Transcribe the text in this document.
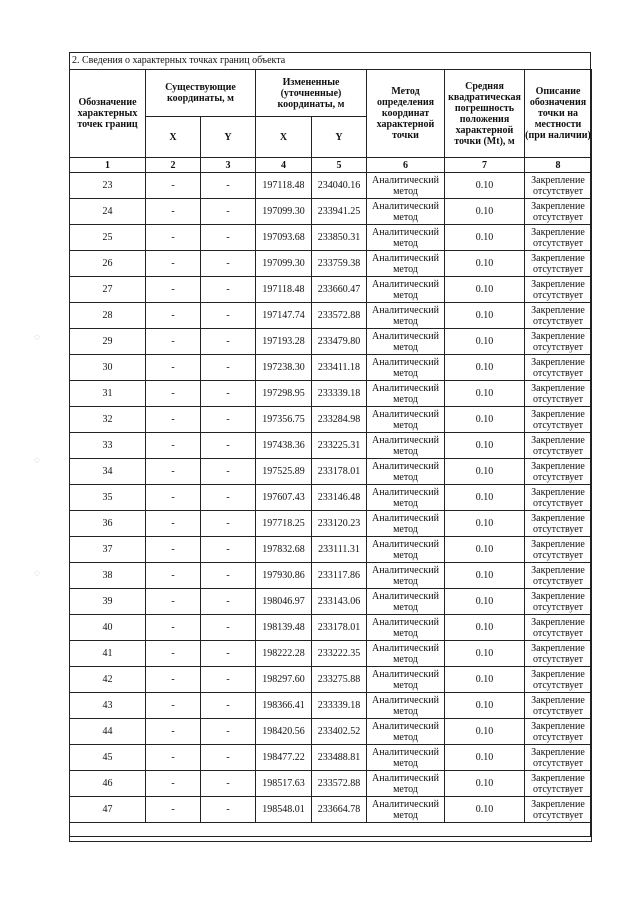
2. Сведения о характерных точках границ объекта
Обозначение характерных точек границ	Существующие координаты, м		Измененные (уточненные) координаты, м		Метод определения координат характерной точки	Средняя квадратическая погрешность положения характерной точки (Mt), м	Описание обозначения точки на местности (при наличии)
	X	Y	X	Y			
1	2	3	4	5	6	7	8
23	-	-	197118.48	234040.16	Аналитический метод	0.10	Закрепление отсутствует
24	-	-	197099.30	233941.25	Аналитический метод	0.10	Закрепление отсутствует
25	-	-	197093.68	233850.31	Аналитический метод	0.10	Закрепление отсутствует
26	-	-	197099.30	233759.38	Аналитический метод	0.10	Закрепление отсутствует
27	-	-	197118.48	233660.47	Аналитический метод	0.10	Закрепление отсутствует
28	-	-	197147.74	233572.88	Аналитический метод	0.10	Закрепление отсутствует
29	-	-	197193.28	233479.80	Аналитический метод	0.10	Закрепление отсутствует
30	-	-	197238.30	233411.18	Аналитический метод	0.10	Закрепление отсутствует
31	-	-	197298.95	233339.18	Аналитический метод	0.10	Закрепление отсутствует
32	-	-	197356.75	233284.98	Аналитический метод	0.10	Закрепление отсутствует
33	-	-	197438.36	233225.31	Аналитический метод	0.10	Закрепление отсутствует
34	-	-	197525.89	233178.01	Аналитический метод	0.10	Закрепление отсутствует
35	-	-	197607.43	233146.48	Аналитический метод	0.10	Закрепление отсутствует
36	-	-	197718.25	233120.23	Аналитический метод	0.10	Закрепление отсутствует
37	-	-	197832.68	233111.31	Аналитический метод	0.10	Закрепление отсутствует
38	-	-	197930.86	233117.86	Аналитический метод	0.10	Закрепление отсутствует
39	-	-	198046.97	233143.06	Аналитический метод	0.10	Закрепление отсутствует
40	-	-	198139.48	233178.01	Аналитический метод	0.10	Закрепление отсутствует
41	-	-	198222.28	233222.35	Аналитический метод	0.10	Закрепление отсутствует
42	-	-	198297.60	233275.88	Аналитический метод	0.10	Закрепление отсутствует
43	-	-	198366.41	233339.18	Аналитический метод	0.10	Закрепление отсутствует
44	-	-	198420.56	233402.52	Аналитический метод	0.10	Закрепление отсутствует
45	-	-	198477.22	233488.81	Аналитический метод	0.10	Закрепление отсутствует
46	-	-	198517.63	233572.88	Аналитический метод	0.10	Закрепление отсутствует
47	-	-	198548.01	233664.78	Аналитический метод	0.10	Закрепление отсутствует

◌
◌
◌
